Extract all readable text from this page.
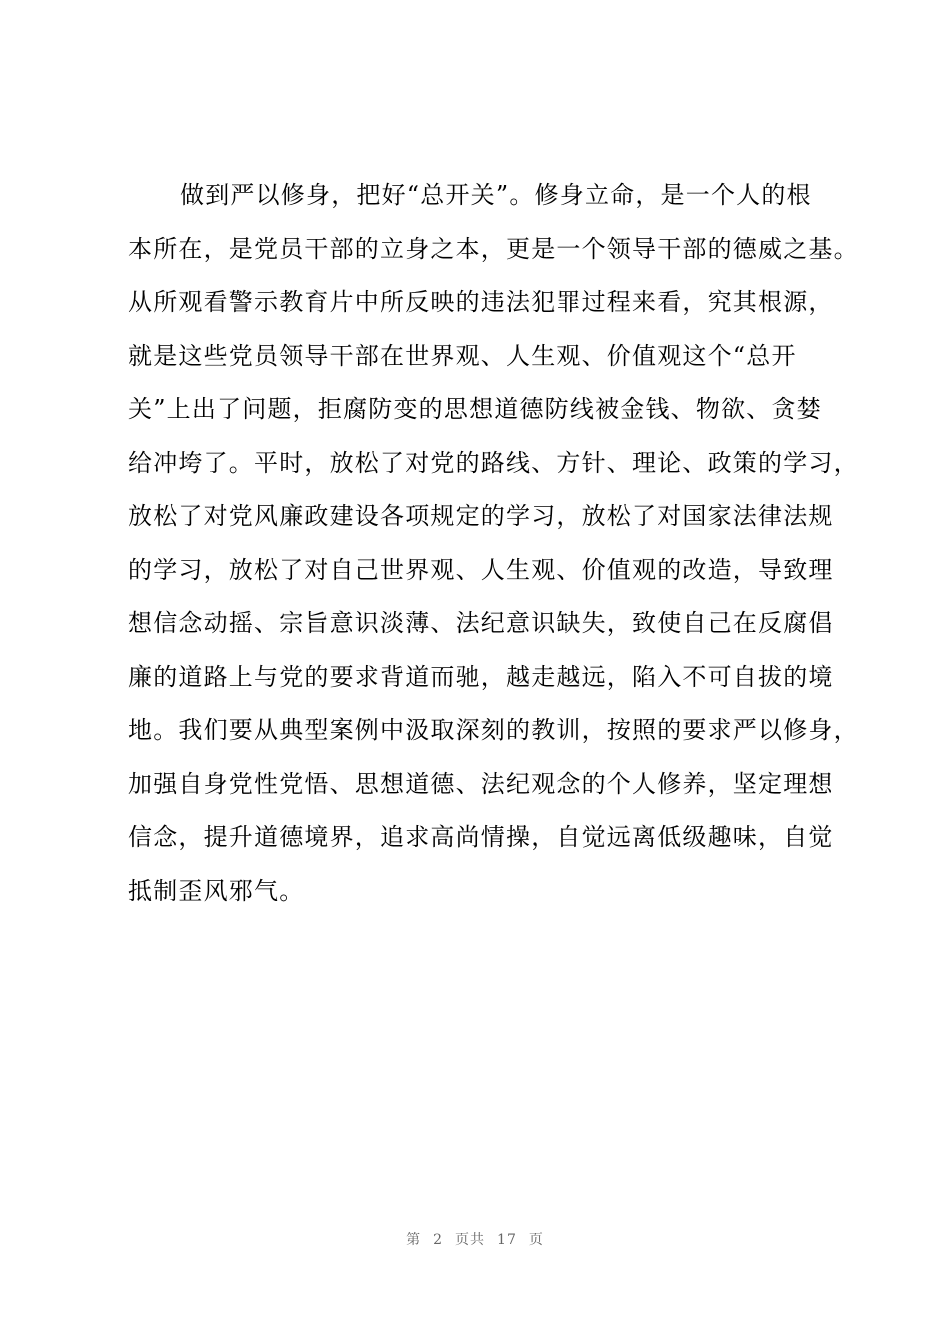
做到严以修身，把好“总开关”。修身立命，是一个人的根
本所在，是党员干部的立身之本，更是一个领导干部的德威之基。
从所观看警示教育片中所反映的违法犯罪过程来看，究其根源，
就是这些党员领导干部在世界观、人生观、价值观这个“总开
关”上出了问题，拒腐防变的思想道德防线被金钱、物欲、贪婪
给冲垮了。平时，放松了对党的路线、方针、理论、政策的学习，
放松了对党风廉政建设各项规定的学习，放松了对国家法律法规
的学习，放松了对自己世界观、人生观、价值观的改造，导致理
想信念动摇、宗旨意识淡薄、法纪意识缺失，致使自己在反腐倡
廉的道路上与党的要求背道而驰，越走越远，陷入不可自拔的境
地。我们要从典型案例中汲取深刻的教训，按照的要求严以修身，
加强自身党性党悟、思想道德、法纪观念的个人修养，坚定理想
信念，提升道德境界，追求高尚情操，自觉远离低级趣味，自觉
抵制歪风邪气。
第 2 页共 17 页
